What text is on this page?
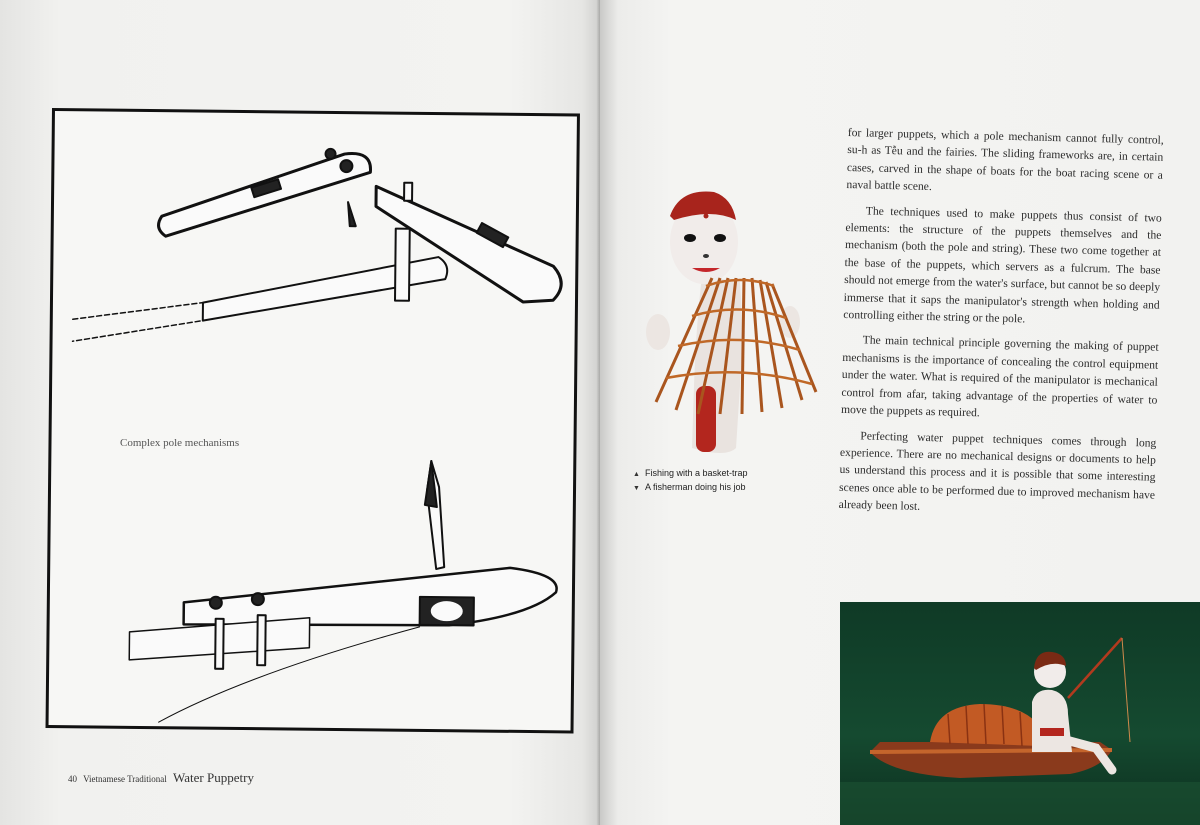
Complex pole mechanisms
40 Vietnamese Traditional Water Puppetry
▲ Fishing with a basket-trap
▼ A fisherman doing his job

for larger puppets, which a pole mechanism cannot fully control, su-h as Tễu and the fairies. The sliding frameworks are, in certain cases, carved in the shape of boats for the boat racing scene or a naval battle scene.

The techniques used to make puppets thus consist of two elements: the structure of the puppets themselves and the mechanism (both the pole and string). These two come together at the base of the puppets, which servers as a fulcrum. The base should not emerge from the water's surface, but cannot be so deeply immerse that it saps the manipulator's strength when holding and controlling either the string or the pole.

The main technical principle governing the making of puppet mechanisms is the importance of concealing the control equipment under the water. What is required of the manipulator is mechanical control from afar, taking advantage of the properties of water to move the puppets as required.

Perfecting water puppet techniques comes through long experience. There are no mechanical designs or documents to help us understand this process and it is possible that some interesting scenes once able to be performed due to improved mechanism have already been lost.
